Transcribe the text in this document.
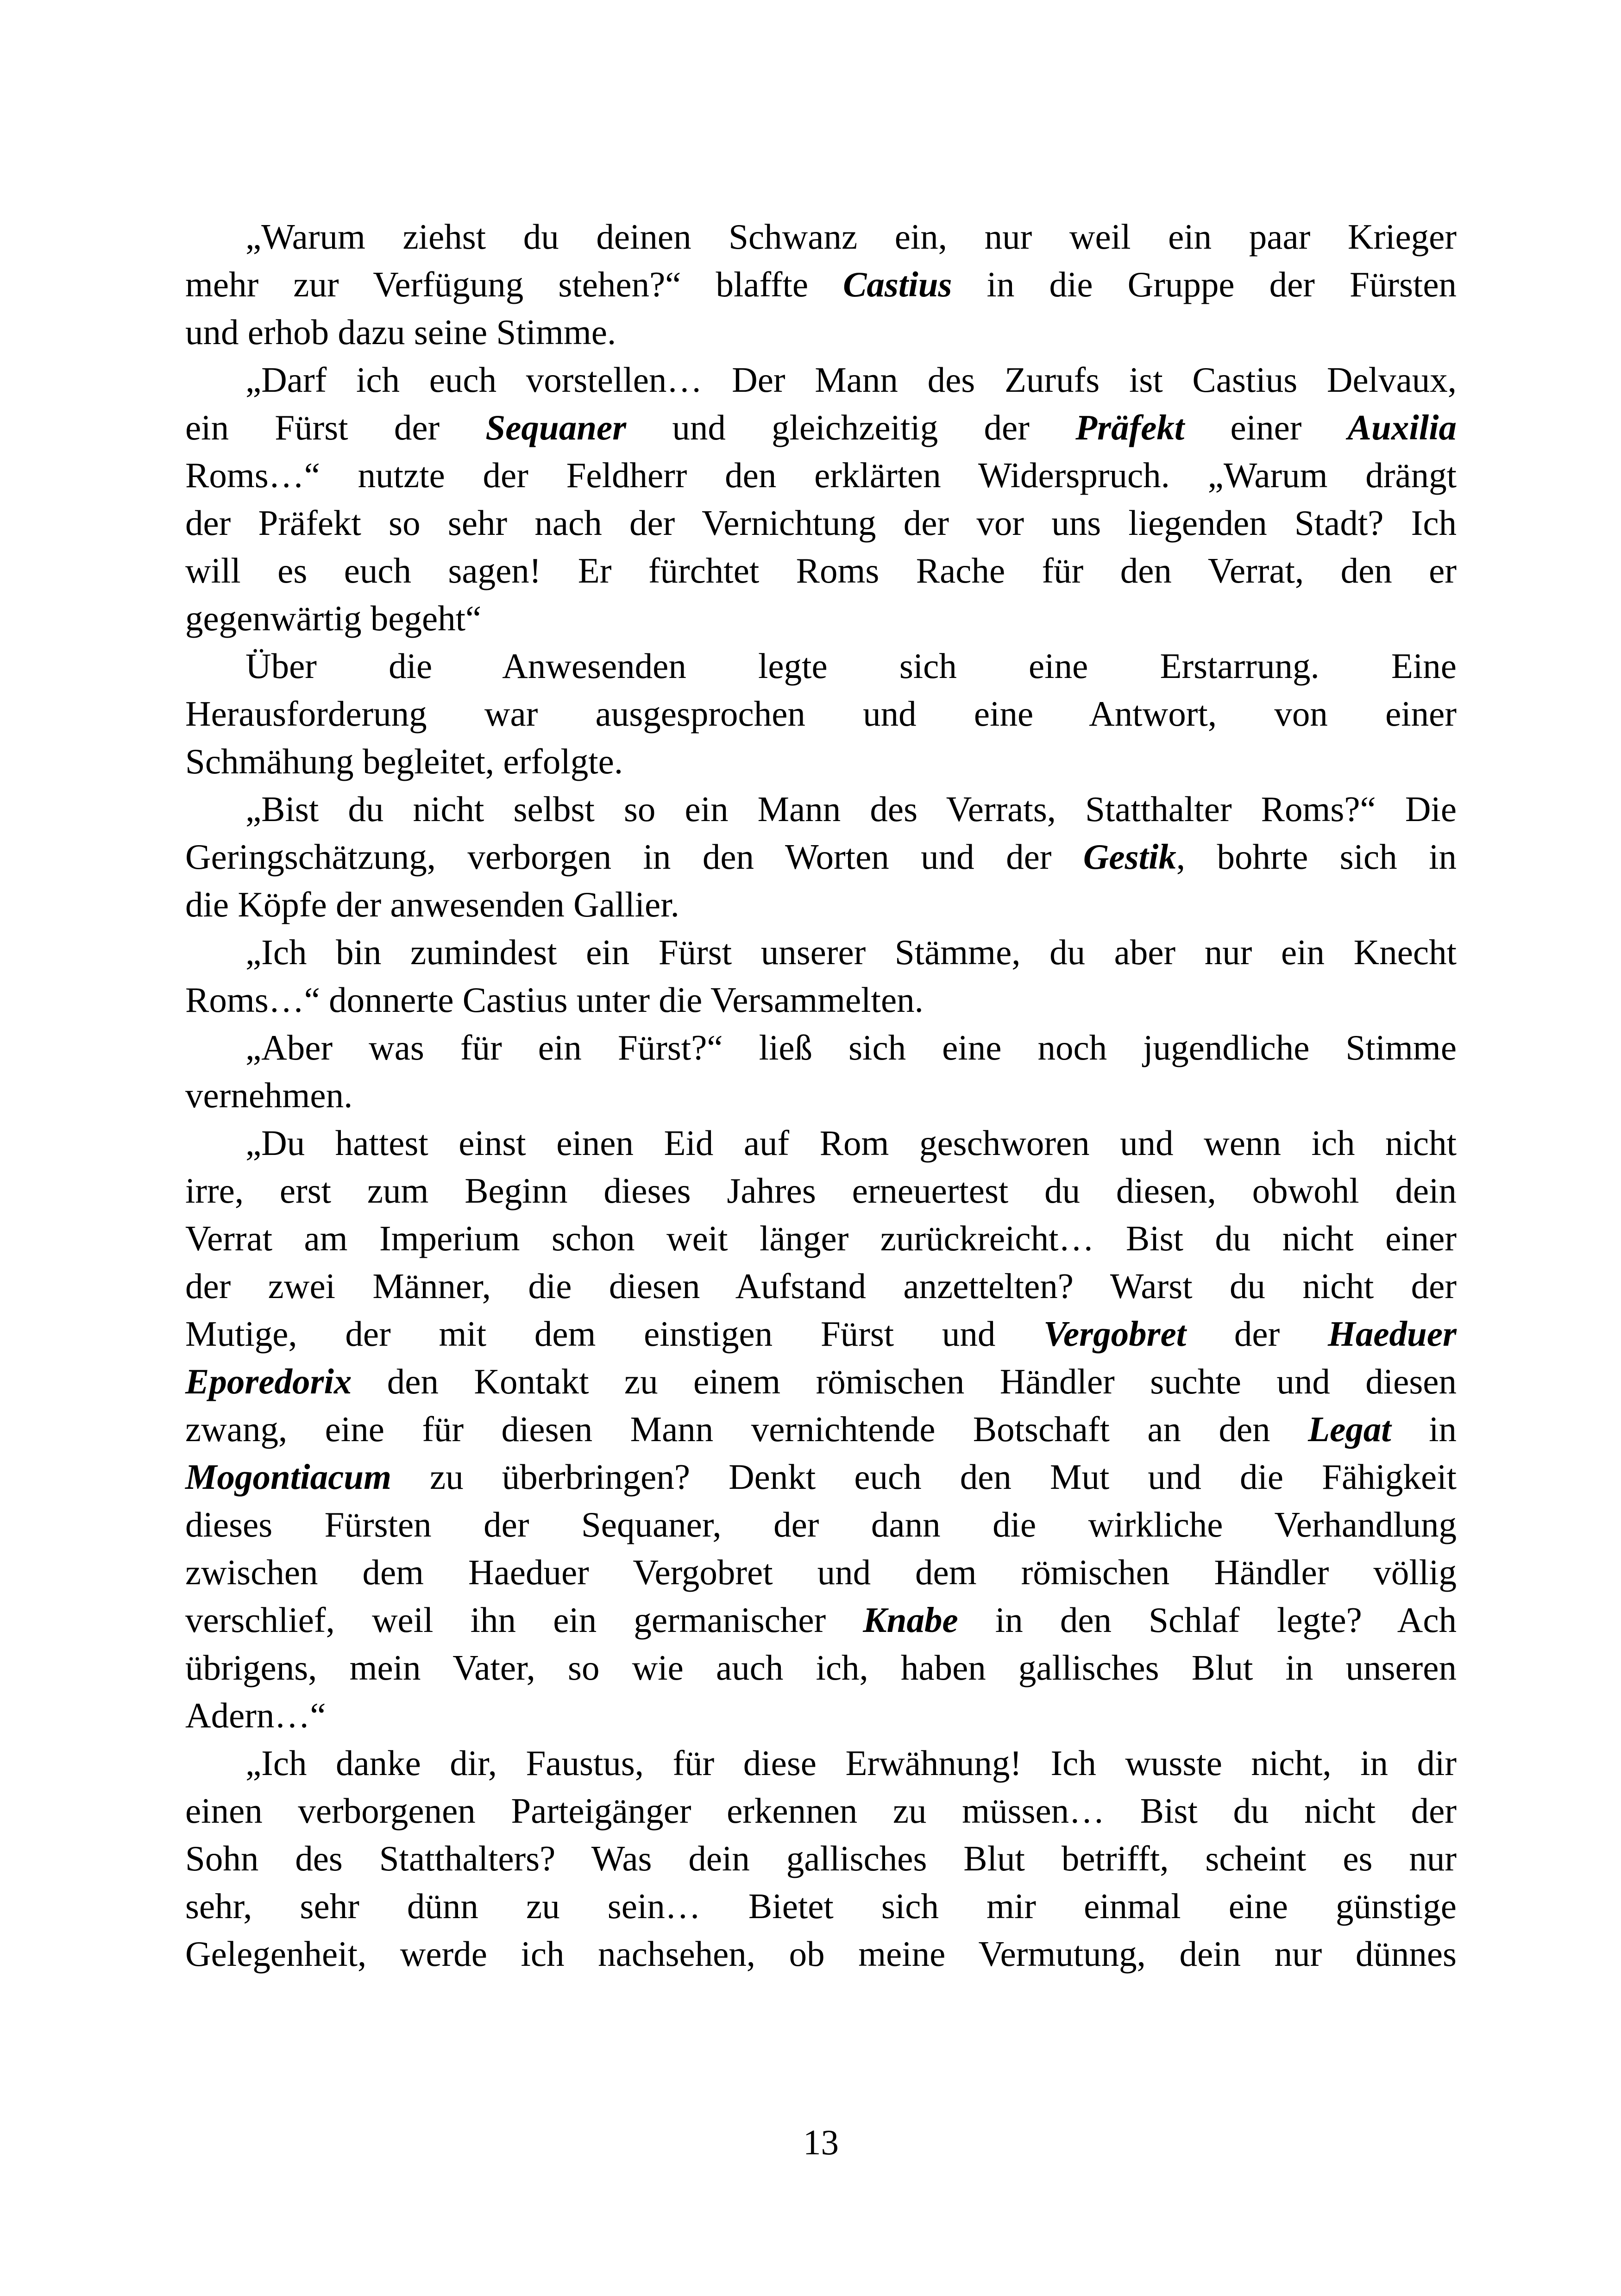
„Warum ziehst du deinen Schwanz ein, nur weil ein paar Krieger
mehr zur Verfügung stehen?“ blaffte Castius in die Gruppe der Fürsten
und erhob dazu seine Stimme.
„Darf ich euch vorstellen… Der Mann des Zurufs ist Castius Delvaux,
ein Fürst der Sequaner und gleichzeitig der Präfekt einer Auxilia
Roms…“ nutzte der Feldherr den erklärten Widerspruch. „Warum drängt
der Präfekt so sehr nach der Vernichtung der vor uns liegenden Stadt? Ich
will es euch sagen! Er fürchtet Roms Rache für den Verrat, den er
gegenwärtig begeht“
Über die Anwesenden legte sich eine Erstarrung. Eine
Herausforderung war ausgesprochen und eine Antwort, von einer
Schmähung begleitet, erfolgte.
„Bist du nicht selbst so ein Mann des Verrats, Statthalter Roms?“ Die
Geringschätzung, verborgen in den Worten und der Gestik, bohrte sich in
die Köpfe der anwesenden Gallier.
„Ich bin zumindest ein Fürst unserer Stämme, du aber nur ein Knecht
Roms…“ donnerte Castius unter die Versammelten.
„Aber was für ein Fürst?“ ließ sich eine noch jugendliche Stimme
vernehmen.
„Du hattest einst einen Eid auf Rom geschworen und wenn ich nicht
irre, erst zum Beginn dieses Jahres erneuertest du diesen, obwohl dein
Verrat am Imperium schon weit länger zurückreicht… Bist du nicht einer
der zwei Männer, die diesen Aufstand anzettelten? Warst du nicht der
Mutige, der mit dem einstigen Fürst und Vergobret der Haeduer
Eporedorix den Kontakt zu einem römischen Händler suchte und diesen
zwang, eine für diesen Mann vernichtende Botschaft an den Legat in
Mogontiacum zu überbringen? Denkt euch den Mut und die Fähigkeit
dieses Fürsten der Sequaner, der dann die wirkliche Verhandlung
zwischen dem Haeduer Vergobret und dem römischen Händler völlig
verschlief, weil ihn ein germanischer Knabe in den Schlaf legte? Ach
übrigens, mein Vater, so wie auch ich, haben gallisches Blut in unseren
Adern…“
„Ich danke dir, Faustus, für diese Erwähnung! Ich wusste nicht, in dir
einen verborgenen Parteigänger erkennen zu müssen… Bist du nicht der
Sohn des Statthalters? Was dein gallisches Blut betrifft, scheint es nur
sehr, sehr dünn zu sein… Bietet sich mir einmal eine günstige
Gelegenheit, werde ich nachsehen, ob meine Vermutung, dein nur dünnes
13
